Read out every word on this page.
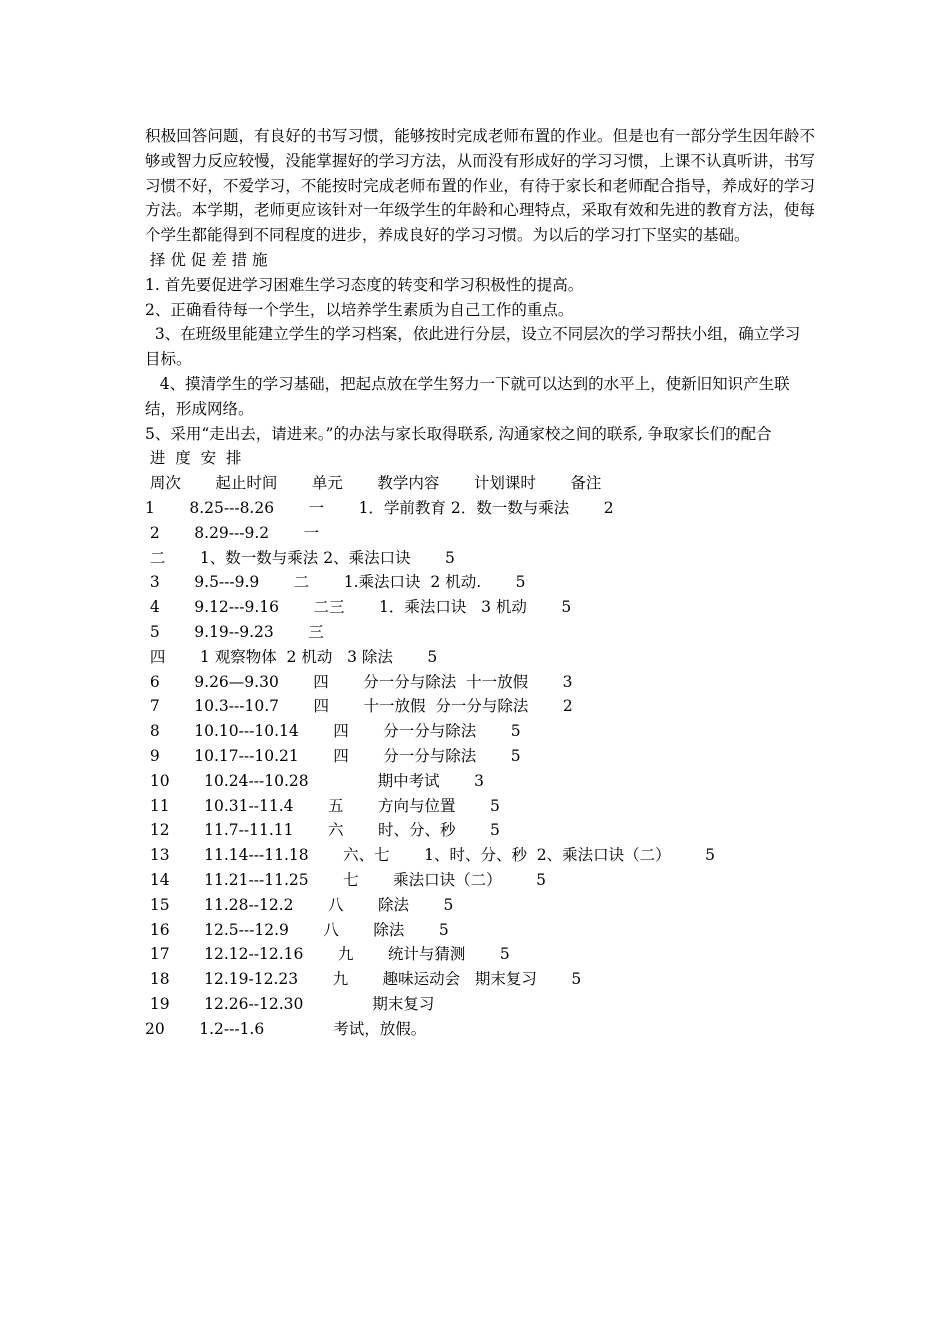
积极回答问题，有良好的书写习惯，能够按时完成老师布置的作业。但是也有一部分学生因年龄不够或智力反应较慢，没能掌握好的学习方法，从而没有形成好的学习习惯，上课不认真听讲，书写习惯不好，不爱学习，不能按时完成老师布置的作业，有待于家长和老师配合指导，养成好的学习方法。本学期，老师更应该针对一年级学生的年龄和心理特点，采取有效和先进的教育方法，使每个学生都能得到不同程度的进步，养成良好的学习习惯。为以后的学习打下坚实的基础。

择 优 促 差 措 施

1. 首先要促进学习困难生学习态度的转变和学习积极性的提高。

2、正确看待每一个学生，以培养学生素质为自己工作的重点。

3、在班级里能建立学生的学习档案，依此进行分层，设立不同层次的学习帮扶小组，确立学习目标。

4、摸清学生的学习基础，把起点放在学生努力一下就可以达到的水平上，使新旧知识产生联结，形成网络。

5、采用“走出去，请进来。”的办法与家长取得联系, 沟通家校之间的联系, 争取家长们的配合

进  度  安  排
周次       起止时间       单元       教学内容       计划课时       备注
1       8.25---8.26       一       1．学前教育 2．数一数与乘法       2
2       8.29---9.2       一
二       1、数一数与乘法 2、乘法口诀       5
3       9.5---9.9       二       1.乘法口诀  2 机动.       5
4       9.12---9.16       二三       1．乘法口诀   3 机动       5
5       9.19--9.23       三
四       1 观察物体  2 机动   3 除法       5
6       9.26—9.30       四       分一分与除法  十一放假       3
7       10.3---10.7       四       十一放假  分一分与除法       2
8       10.10---10.14       四       分一分与除法       5
9       10.17---10.21       四       分一分与除法       5
10       10.24---10.28              期中考试       3
11       10.31--11.4       五       方向与位置       5
12       11.7--11.11       六       时、分、秒       5
13       11.14---11.18       六、七       1、时、分、秒  2、乘法口诀（二）       5
14       11.21---11.25       七       乘法口诀（二）       5
15       11.28--12.2       八       除法       5
16       12.5---12.9       八       除法       5
17       12.12--12.16       九       统计与猜测       5
18       12.19-12.23       九       趣味运动会   期末复习       5
19       12.26--12.30              期末复习
20       1.2---1.6              考试，放假。
